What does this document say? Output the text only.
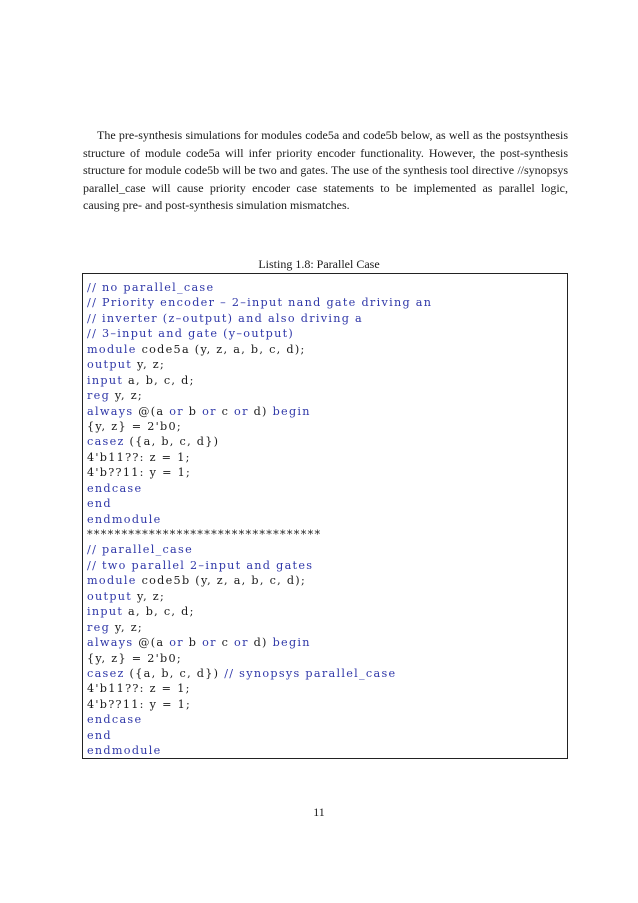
The pre-synthesis simulations for modules code5a and code5b below, as well as the postsynthesis structure of module code5a will infer priority encoder functionality. However, the post-synthesis structure for module code5b will be two and gates. The use of the synthesis tool directive //synopsys parallel_case will cause priority encoder case statements to be implemented as parallel logic, causing pre- and post-synthesis simulation mismatches.

Listing 1.8: Parallel Case
// no parallel_case
// Priority encoder – 2–input nand gate driving an
// inverter (z–output) and also driving a
// 3–input and gate (y–output)
module code5a (y, z, a, b, c, d);
output y, z;
input a, b, c, d;
reg y, z;
always @(a or b or c or d) begin
{y, z} = 2'b0;
casez ({a, b, c, d})
4'b11??: z = 1;
4'b??11: y = 1;
endcase
end
endmodule
**********************************
// parallel_case
// two parallel 2–input and gates
module code5b (y, z, a, b, c, d);
output y, z;
input a, b, c, d;
reg y, z;
always @(a or b or c or d) begin
{y, z} = 2'b0;
casez ({a, b, c, d}) // synopsys parallel_case
4'b11??: z = 1;
4'b??11: y = 1;
endcase
end
endmodule
11
